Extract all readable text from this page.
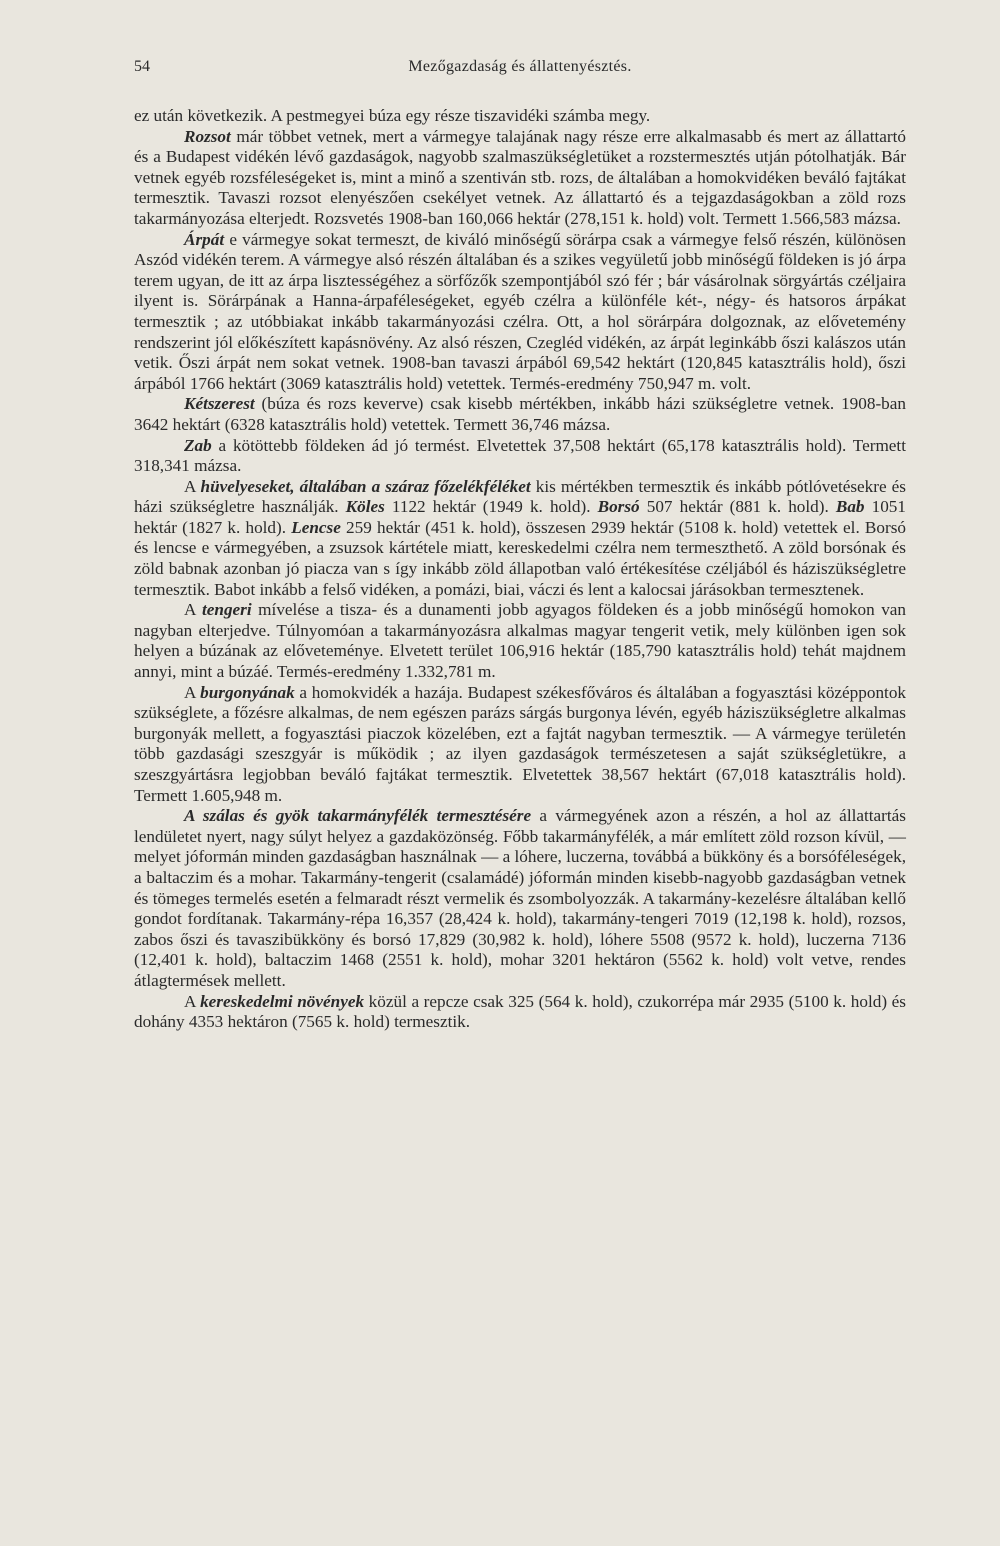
54	Mezőgazdaság és állattenyésztés.

ez után következik. A pestmegyei búza egy része tiszavidéki számba megy.

Rozsot már többet vetnek, mert a vármegye talajának nagy része erre alkalmasabb és mert az állattartó és a Budapest vidékén lévő gazdaságok, nagyobb szalmaszükségletüket a rozstermesztés utján pótolhatják. Bár vetnek egyéb rozsféleségeket is, mint a minő a szentiván stb. rozs, de általában a homokvidéken beváló fajtákat termesztik. Tavaszi rozsot elenyészően csekélyet vetnek. Az állattartó és a tejgazdaságokban a zöld rozs takarmányozása elterjedt. Rozsvetés 1908-ban 160,066 hektár (278,151 k. hold) volt. Termett 1.566,583 mázsa.

Árpát e vármegye sokat termeszt, de kiváló minőségű sörárpa csak a vármegye felső részén, különösen Aszód vidékén terem. A vármegye alsó részén általában és a szikes vegyületű jobb minőségű földeken is jó árpa terem ugyan, de itt az árpa lisztességéhez a sörfőzők szempontjából szó fér ; bár vásárolnak sörgyártás czéljaira ilyent is. Sörárpának a Hanna-árpaféleségeket, egyéb czélra a különféle két-, négy- és hatsoros árpákat termesztik ; az utóbbiakat inkább takarmányozási czélra. Ott, a hol sörárpára dolgoznak, az elővetemény rendszerint jól előkészített kapásnövény. Az alsó részen, Czegléd vidékén, az árpát leginkább őszi kalászos után vetik. Őszi árpát nem sokat vetnek. 1908-ban tavaszi árpából 69,542 hektárt (120,845 katasztrális hold), őszi árpából 1766 hektárt (3069 katasztrális hold) vetettek. Termés-eredmény 750,947 m. volt.

Kétszerest (búza és rozs keverve) csak kisebb mértékben, inkább házi szükségletre vetnek. 1908-ban 3642 hektárt (6328 katasztrális hold) vetettek. Termett 36,746 mázsa.

Zab a kötöttebb földeken ád jó termést. Elvetettek 37,508 hektárt (65,178 katasztrális hold). Termett 318,341 mázsa.

A hüvelyeseket, általában a száraz főzelékféléket kis mértékben termesztik és inkább pótlóvetésekre és házi szükségletre használják. Köles 1122 hektár (1949 k. hold). Borsó 507 hektár (881 k. hold). Bab 1051 hektár (1827 k. hold). Lencse 259 hektár (451 k. hold), összesen 2939 hektár (5108 k. hold) vetettek el. Borsó és lencse e vármegyében, a zsuzsok kártétele miatt, kereskedelmi czélra nem termeszthető. A zöld borsónak és zöld babnak azonban jó piacza van s így inkább zöld állapotban való értékesítése czéljából és háziszükségletre termesztik. Babot inkább a felső vidéken, a pomázi, biai, váczi és lent a kalocsai járásokban termesztenek.

A tengeri mívelése a tisza- és a dunamenti jobb agyagos földeken és a jobb minőségű homokon van nagyban elterjedve. Túlnyomóan a takarmányozásra alkalmas magyar tengerit vetik, mely különben igen sok helyen a búzának az előveteménye. Elvetett terület 106,916 hektár (185,790 katasztrális hold) tehát majdnem annyi, mint a búzáé. Termés-eredmény 1.332,781 m.

A burgonyának a homokvidék a hazája. Budapest székesfőváros és általában a fogyasztási középpontok szükséglete, a főzésre alkalmas, de nem egészen parázs sárgás burgonya lévén, egyéb háziszükségletre alkalmas burgonyák mellett, a fogyasztási piaczok közelében, ezt a fajtát nagyban termesztik. — A vármegye területén több gazdasági szeszgyár is működik ; az ilyen gazdaságok természetesen a saját szükségletükre, a szeszgyártásra legjobban beváló fajtákat termesztik. Elvetettek 38,567 hektárt (67,018 katasztrális hold). Termett 1.605,948 m.

A szálas és gyök takarmányfélék termesztésére a vármegyének azon a részén, a hol az állattartás lendületet nyert, nagy súlyt helyez a gazdaközönség. Főbb takarmányfélék, a már említett zöld rozson kívül, — melyet jóformán minden gazdaságban használnak — a lóhere, luczerna, továbbá a bükköny és a borsóféleségek, a baltaczim és a mohar. Takarmány-tengerit (csalamádé) jóformán minden kisebb-nagyobb gazdaságban vetnek és tömeges termelés esetén a felmaradt részt vermelik és zsombolyozzák. A takarmány-kezelésre általában kellő gondot fordítanak. Takarmány-répa 16,357 (28,424 k. hold), takarmány-tengeri 7019 (12,198 k. hold), rozsos, zabos őszi és tavaszibükköny és borsó 17,829 (30,982 k. hold), lóhere 5508 (9572 k. hold), luczerna 7136 (12,401 k. hold), baltaczim 1468 (2551 k. hold), mohar 3201 hektáron (5562 k. hold) volt vetve, rendes átlagtermések mellett.

A kereskedelmi növények közül a repcze csak 325 (564 k. hold), czukorrépa már 2935 (5100 k. hold) és dohány 4353 hektáron (7565 k. hold) termesztik.
